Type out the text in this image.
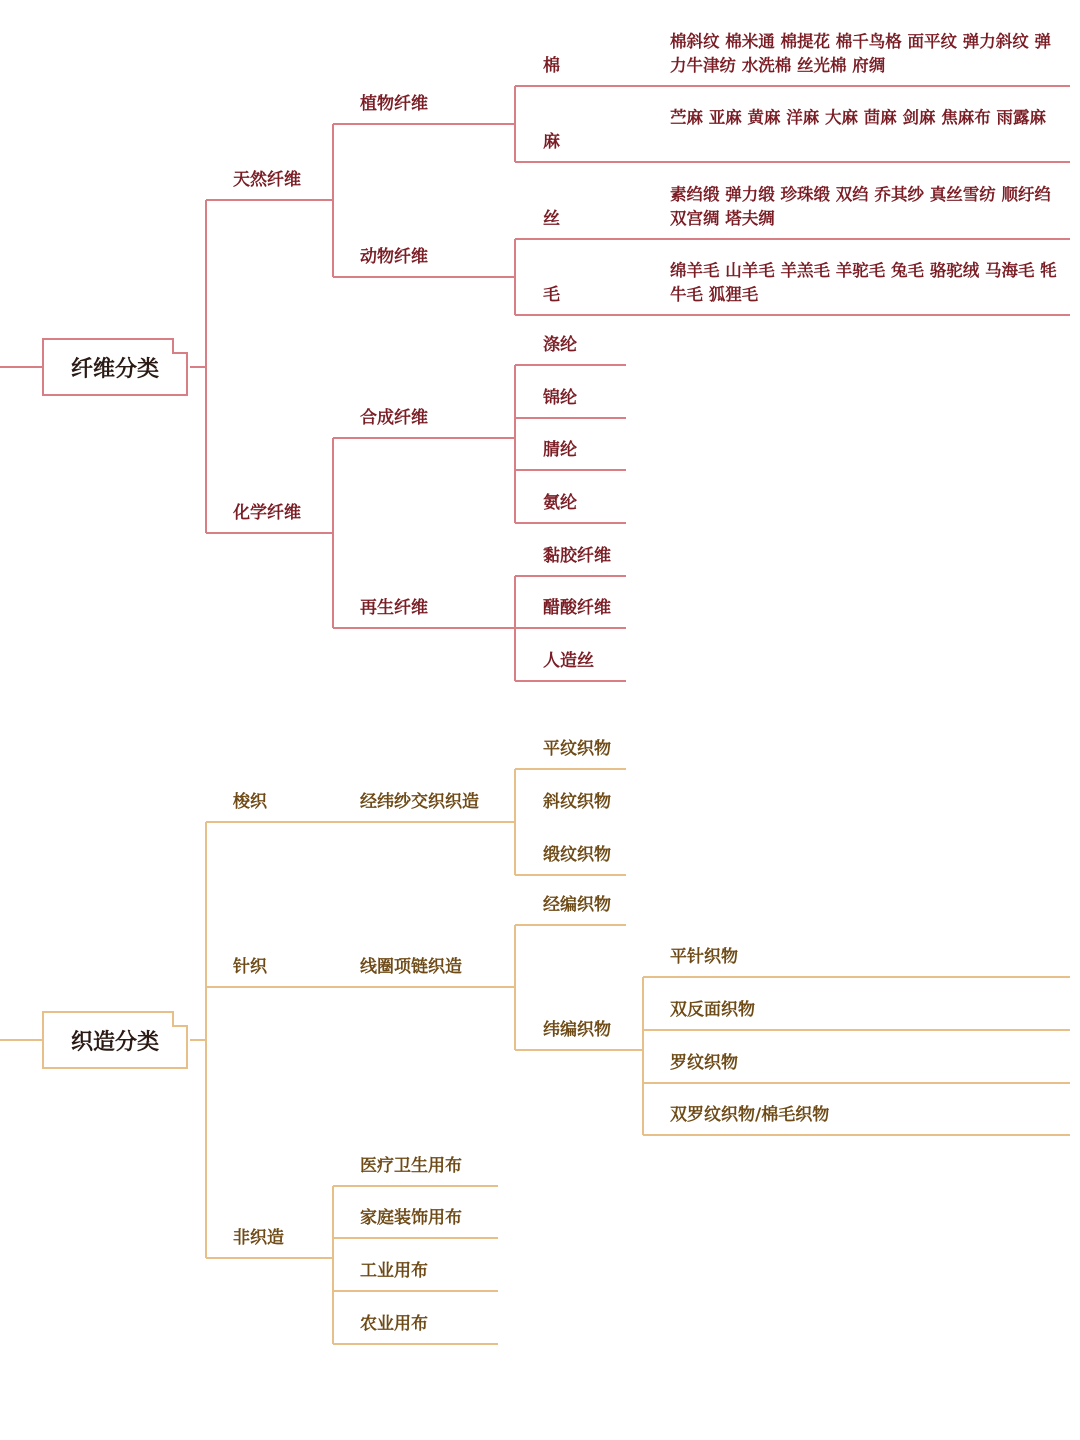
纤维分类
天然纤维
化学纤维
植物纤维
动物纤维
棉
棉斜纹 棉米通 棉提花 棉千鸟格 面平纹 弹力斜纹 弹力牛津纺 水洗棉 丝光棉 府绸
麻
苎麻 亚麻 黄麻 洋麻 大麻 茴麻 剑麻 焦麻布 雨露麻
丝
素绉缎 弹力缎 珍珠缎 双绉 乔其纱 真丝雪纺 顺纡绉 双宫绸 塔夫绸
毛
绵羊毛 山羊毛 羊羔毛 羊驼毛 兔毛 骆驼绒 马海毛 牦牛毛 狐狸毛
合成纤维
再生纤维
涤纶
锦纶
腈纶
氨纶
黏胶纤维
醋酸纤维
人造丝
织造分类
梭织	经纬纱交织织造
平纹织物
斜纹织物
缎纹织物
针织	线圈项链织造
经编织物
纬编织物
平针织物
双反面织物
罗纹织物
双罗纹织物/棉毛织物
非织造
医疗卫生用布
家庭装饰用布
工业用布
农业用布
